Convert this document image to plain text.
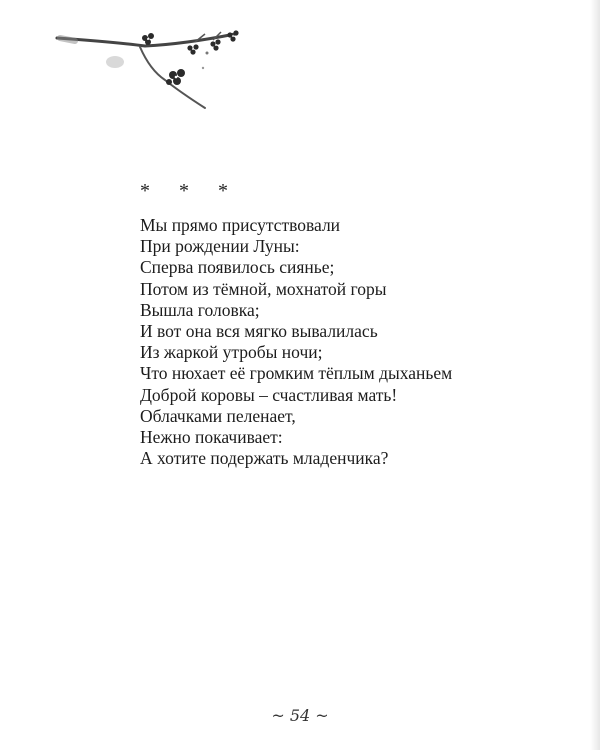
* * *
Мы прямо присутствовали
При рождении Луны:
Сперва появилось сиянье;
Потом из тёмной, мохнатой горы
Вышла головка;
И вот она вся мягко вывалилась
Из жаркой утробы ночи;
Что нюхает её громким тёплым дыханьем
Доброй коровы – счастливая мать!
Облачками пеленает,
Нежно покачивает:
А хотите подержать младенчика?
~ 54 ~
